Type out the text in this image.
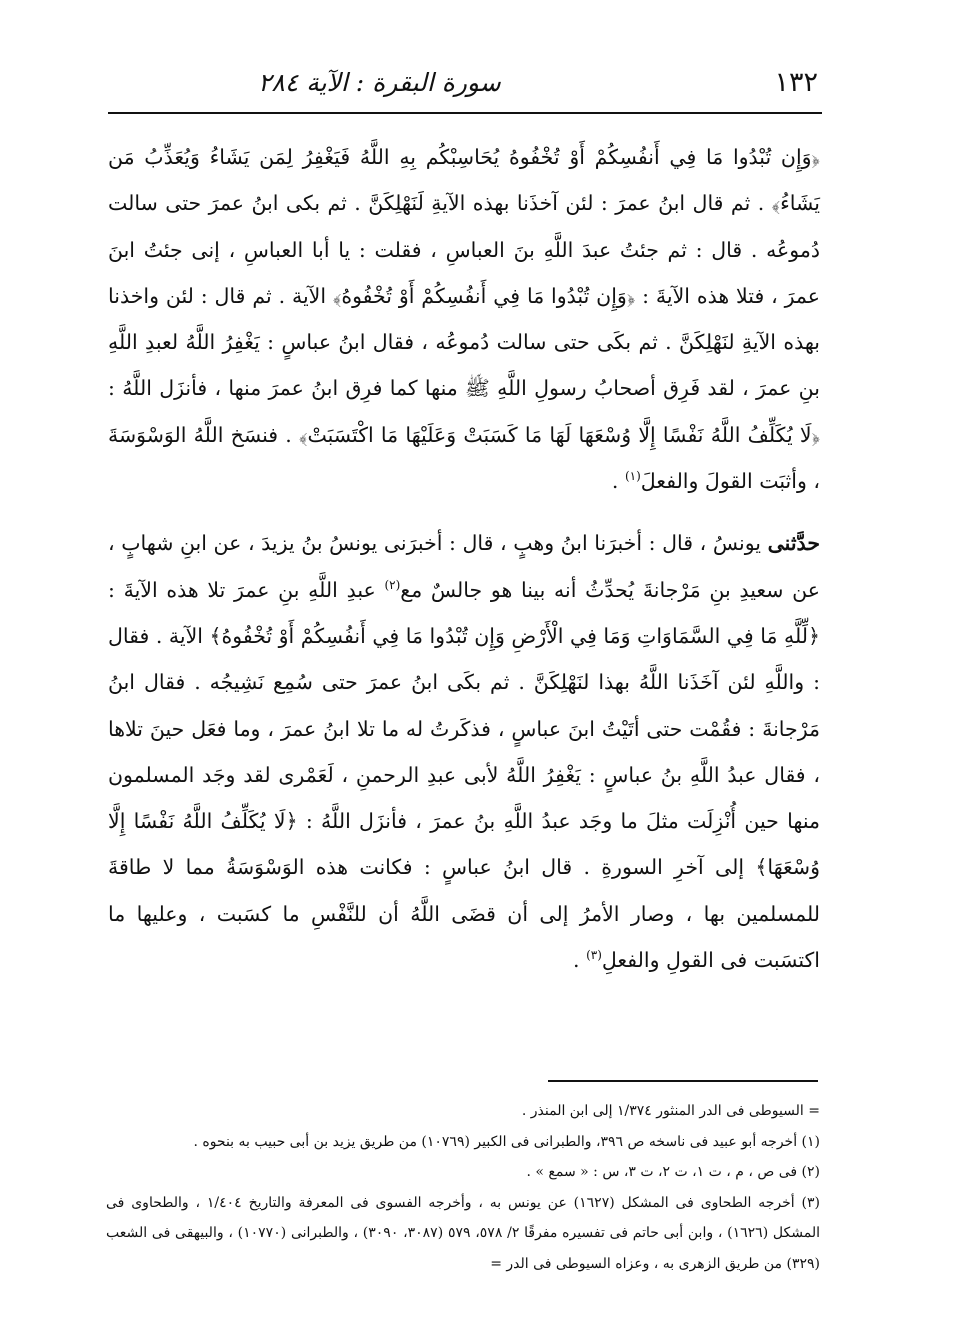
١٣٢
سورة البقرة : الآية ٢٨٤

﴿وَإِن تُبْدُوا مَا فِي أَنفُسِكُمْ أَوْ تُخْفُوهُ يُحَاسِبْكُم بِهِ اللَّهُ فَيَغْفِرُ لِمَن يَشَاءُ وَيُعَذِّبُ مَن يَشَاءُ﴾ . ثم قال ابنُ عمرَ : لئن آخذَنا بهذه الآيةِ لَنَهْلِكَنَّ . ثم بكى ابنُ عمرَ حتى سالت دُموعُه . قال : ثم جئتُ عبدَ اللَّهِ بنَ العباسِ ، فقلت : يا أبا العباسِ ، إنى جئتُ ابنَ عمرَ ، فتلا هذه الآيةَ : ﴿وَإِن تُبْدُوا مَا فِي أَنفُسِكُمْ أَوْ تُخْفُوهُ﴾ الآية . ثم قال : لئن واخذنا بهذه الآيةِ لنَهْلِكَنَّ . ثم بكَى حتى سالت دُموعُه ، فقال ابنُ عباسٍ : يَغْفِرُ اللَّهُ لعبدِ اللَّهِ بنِ عمرَ ، لقد فَرِق أصحابُ رسولِ اللَّهِ ﷺ منها كما فرِق ابنُ عمرَ منها ، فأنزَل اللَّهُ : ﴿لَا يُكَلِّفُ اللَّهُ نَفْسًا إِلَّا وُسْعَهَا لَهَا مَا كَسَبَتْ وَعَلَيْهَا مَا اكْتَسَبَتْ﴾ . فنسَخ اللَّهُ الوَسْوَسَةَ ، وأثبَت القولَ والفعلَ$^{(١)}$ .

حدَّثنى يونسُ ، قال : أخبرَنا ابنُ وهبٍ ، قال : أخبرَنى يونسُ بنُ يزيدَ ، عن ابنِ شهابٍ ، عن سعيدِ بنِ مَرْجانةَ يُحدِّثُ أنه بينا هو جالسٌ مع$^{(٢)}$ عبدِ اللَّهِ بنِ عمرَ تلا هذه الآيةَ : ﴿لِّلَّهِ مَا فِي السَّمَاوَاتِ وَمَا فِي الْأَرْضِ وَإِن تُبْدُوا مَا فِي أَنفُسِكُمْ أَوْ تُخْفُوهُ﴾ الآية . فقال : واللَّهِ لئن آخَذَنا اللَّهُ بهذا لنَهْلِكَنَّ . ثم بكَى ابنُ عمرَ حتى سُمِع نَشِيجُه . فقال ابنُ مَرْجانةَ : فقُمْت حتى أتَيْتُ ابنَ عباسٍ ، فذكَرتُ له ما تلا ابنُ عمرَ ، وما فعَل حينَ تلاها ، فقال عبدُ اللَّهِ بنُ عباسٍ : يَغْفِرُ اللَّهُ لأبى عبدِ الرحمنِ ، لَعَمْرى لقد وجَد المسلمون منها حين أُنْزِلَت مثلَ ما وجَد عبدُ اللَّهِ بنُ عمرَ ، فأنزَل اللَّهُ : ﴿لَا يُكَلِّفُ اللَّهُ نَفْسًا إِلَّا وُسْعَهَا﴾ إلى آخرِ السورةِ . قال ابنُ عباسٍ : فكانت هذه الوَسْوَسَةُ مما لا طاقةَ للمسلمين بها ، وصار الأمرُ إلى أن قضَى اللَّهُ أن للنَّفْسِ ما كسَبت ، وعليها ما اكتسَبت فى القولِ والفعلِ$^{(٣)}$ .

= السيوطى فى الدر المنثور ١/٣٧٤ إلى ابن المنذر .

(١) أخرجه أبو عبيد فى ناسخه ص ٣٩٦، والطبرانى فى الكبير (١٠٧٦٩) من طريق يزيد بن أبى حبيب به بنحوه .

(٢) فى ص ، م ، ت ١، ت ٢، ت ٣، س : « سمع » .

(٣) أخرجه الطحاوى فى المشكل (١٦٢٧) عن يونس به ، وأخرجه الفسوى فى المعرفة والتاريخ ١/٤٠٤ ، والطحاوى فى المشكل (١٦٢٦) ، وابن أبى حاتم فى تفسيره مفرقًا ٢/ ٥٧٨، ٥٧٩ (٣٠٨٧، ٣٠٩٠) ، والطبرانى (١٠٧٧٠) ، والبيهقى فى الشعب (٣٢٩) من طريق الزهرى به ، وعزاه السيوطى فى الدر =
